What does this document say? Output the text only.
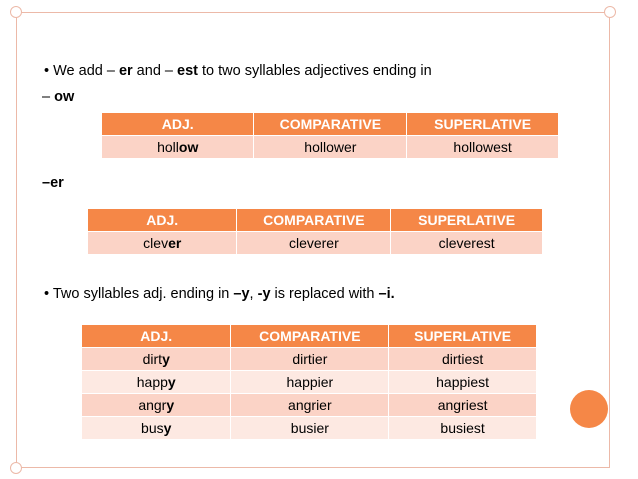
• We add – er and – est to two syllables adjectives ending in
– ow
ADJ.	COMPARATIVE	SUPERLATIVE
hollow	hollower	hollowest
–er
ADJ.	COMPARATIVE	SUPERLATIVE
clever	cleverer	cleverest
• Two syllables adj. ending in –y, -y is replaced with –i.
ADJ.	COMPARATIVE	SUPERLATIVE
dirty	dirtier	dirtiest
happy	happier	happiest
angry	angrier	angriest
busy	busier	busiest
